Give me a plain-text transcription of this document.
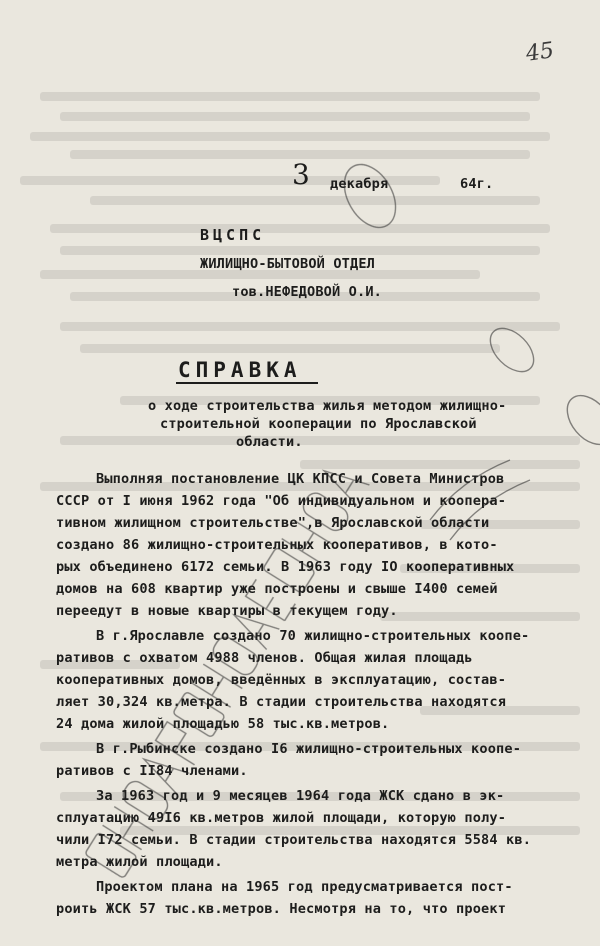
45
3 декабря	64г.
ВЦСПС
ЖИЛИЩНО-БЫТОВОЙ ОТДЕЛ
тов.НЕФЕДОВОЙ О.И.
СПРАВКА
о ходе строительства жилья методом жилищно-
строительной кооперации по Ярославской
области.
Выполняя постановление ЦК КПСС и Совета Министров
СССР от I июня 1962 года "Об индивидуальном и коопера-
тивном жилищном строительстве",в Ярославской области
создано 86 жилищно-строительных кооперативов, в кото-
рых объединено 6172 семьи. В 1963 году IO кооперативных
домов на 608 квартир уже построены и свыше I400 семей
переедут в новые квартиры в текущем году.
В г.Ярославле создано 70 жилищно-строительных коопе-
ративов с охватом 4988 членов. Общая жилая площадь
кооперативных домов, введённых в эксплуатацию, состав-
ляет 30,324 кв.метра. В стадии строительства находятся
24 дома жилой площадью 58 тыс.кв.метров.
В г.Рыбинске создано I6 жилищно-строительных коопе-
ративов с II84 членами.
За 1963 год и 9 месяцев 1964 года ЖСК сдано в эк-
сплуатацию 49I6 кв.метров жилой площади, которую полу-
чили I72 семьи. В стадии строительства находятся 5584 кв.
метра жилой площади.
Проектом плана на 1965 год предусматривается пост-
роить ЖСК 57 тыс.кв.метров. Несмотря на то, что проект
